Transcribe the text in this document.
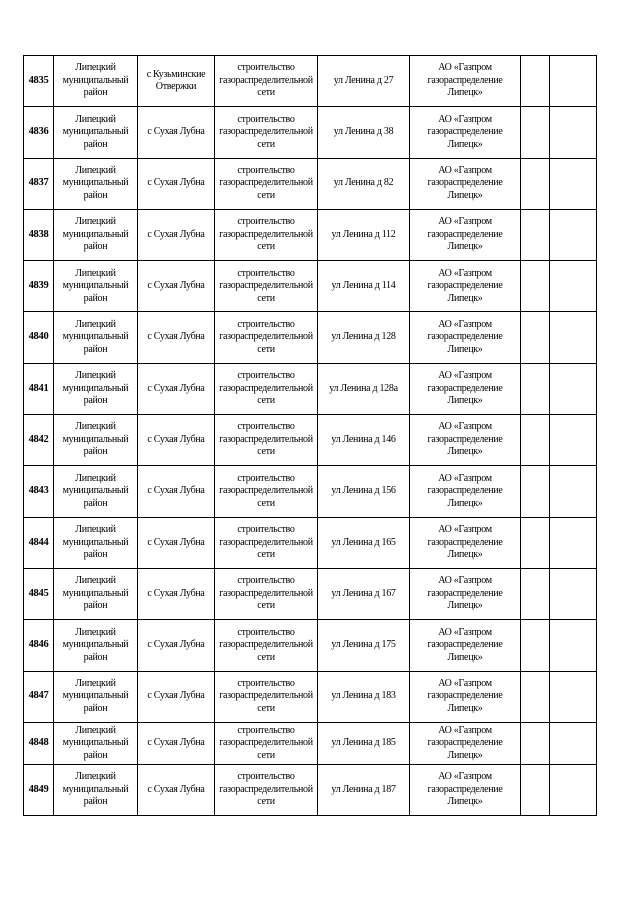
4835	Липецкий муниципальный район	с Кузьминские Отвержки	строительство газораспределительной сети	ул Ленина д 27	АО «Газпром газораспределение Липецк»		
4836	Липецкий муниципальный район	с Сухая Лубна	строительство газораспределительной сети	ул Ленина д 38	АО «Газпром газораспределение Липецк»		
4837	Липецкий муниципальный район	с Сухая Лубна	строительство газораспределительной сети	ул Ленина д 82	АО «Газпром газораспределение Липецк»		
4838	Липецкий муниципальный район	с Сухая Лубна	строительство газораспределительной сети	ул Ленина д 112	АО «Газпром газораспределение Липецк»		
4839	Липецкий муниципальный район	с Сухая Лубна	строительство газораспределительной сети	ул Ленина д 114	АО «Газпром газораспределение Липецк»		
4840	Липецкий муниципальный район	с Сухая Лубна	строительство газораспределительной сети	ул Ленина д 128	АО «Газпром газораспределение Липецк»		
4841	Липецкий муниципальный район	с Сухая Лубна	строительство газораспределительной сети	ул Ленина д 128а	АО «Газпром газораспределение Липецк»		
4842	Липецкий муниципальный район	с Сухая Лубна	строительство газораспределительной сети	ул Ленина д 146	АО «Газпром газораспределение Липецк»		
4843	Липецкий муниципальный район	с Сухая Лубна	строительство газораспределительной сети	ул Ленина д 156	АО «Газпром газораспределение Липецк»		
4844	Липецкий муниципальный район	с Сухая Лубна	строительство газораспределительной сети	ул Ленина д 165	АО «Газпром газораспределение Липецк»		
4845	Липецкий муниципальный район	с Сухая Лубна	строительство газораспределительной сети	ул Ленина д 167	АО «Газпром газораспределение Липецк»		
4846	Липецкий муниципальный район	с Сухая Лубна	строительство газораспределительной сети	ул Ленина д 175	АО «Газпром газораспределение Липецк»		
4847	Липецкий муниципальный район	с Сухая Лубна	строительство газораспределительной сети	ул Ленина д 183	АО «Газпром газораспределение Липецк»		
4848	Липецкий муниципальный район	с Сухая Лубна	строительство газораспределительной сети	ул Ленина д 185	АО «Газпром газораспределение Липецк»		
4849	Липецкий муниципальный район	с Сухая Лубна	строительство газораспределительной сети	ул Ленина д 187	АО «Газпром газораспределение Липецк»		
